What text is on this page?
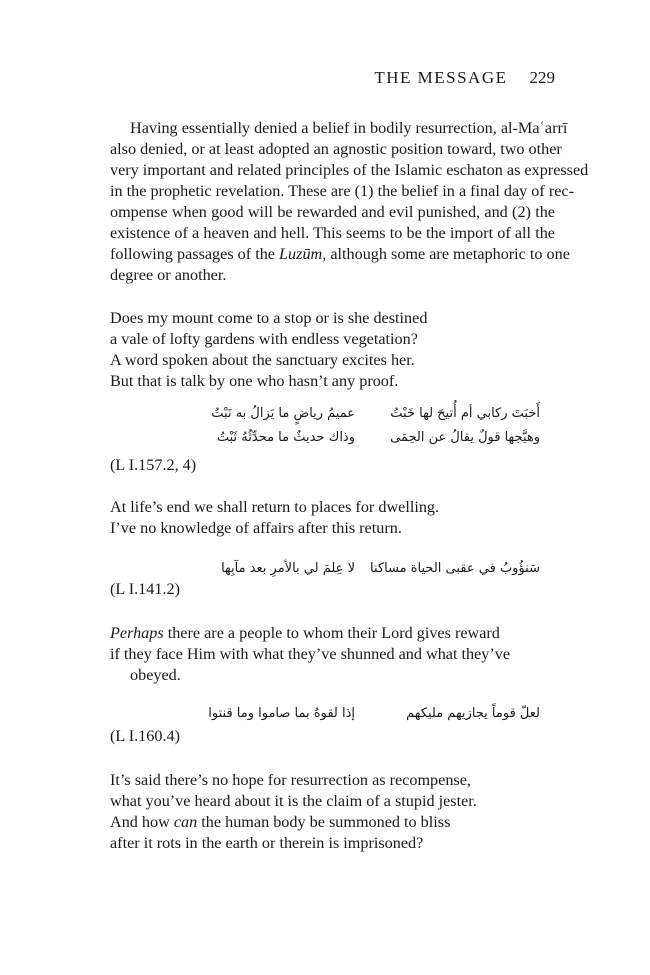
THE MESSAGE 229
Having essentially denied a belief in bodily resurrection, al-Maʿarrī
also denied, or at least adopted an agnostic position toward, two other
very important and related principles of the Islamic eschaton as expressed
in the prophetic revelation. These are (1) the belief in a final day of rec-
ompense when good will be rewarded and evil punished, and (2) the
existence of a heaven and hell. This seems to be the import of all the
following passages of the Luzūm, although some are metaphoric to one
degree or another.
Does my mount come to a stop or is she destined
a vale of lofty gardens with endless vegetation?
A word spoken about the sanctuary excites her.
But that is talk by one who hasn’t any proof.
أَخبَتَ ركابي أم أُتيحَ لها خَبْتُ
عميمُ رياضٍ ما يَزالُ به نَبْتُ
وهيَّجها قولٌ يقالُ عن الحِمَى
وذاك حديثٌ ما محدِّثُهُ ثَبْتُ
(L I.157.2, 4)
At life’s end we shall return to places for dwelling.
I’ve no knowledge of affairs after this return.
سَنؤُوبُ في عقبى الحياة مساكنا
لا عِلمَ لي بالأمرِ بعد مآبِها
(L I.141.2)
Perhaps there are a people to whom their Lord gives reward
if they face Him with what they’ve shunned and what they’ve
obeyed.
لعلّ قوماً يجازيهم مليكهم
إذا لقوهُ بما صاموا وما قنتوا
(L I.160.4)
It’s said there’s no hope for resurrection as recompense,
what you’ve heard about it is the claim of a stupid jester.
And how can the human body be summoned to bliss
after it rots in the earth or therein is imprisoned?
